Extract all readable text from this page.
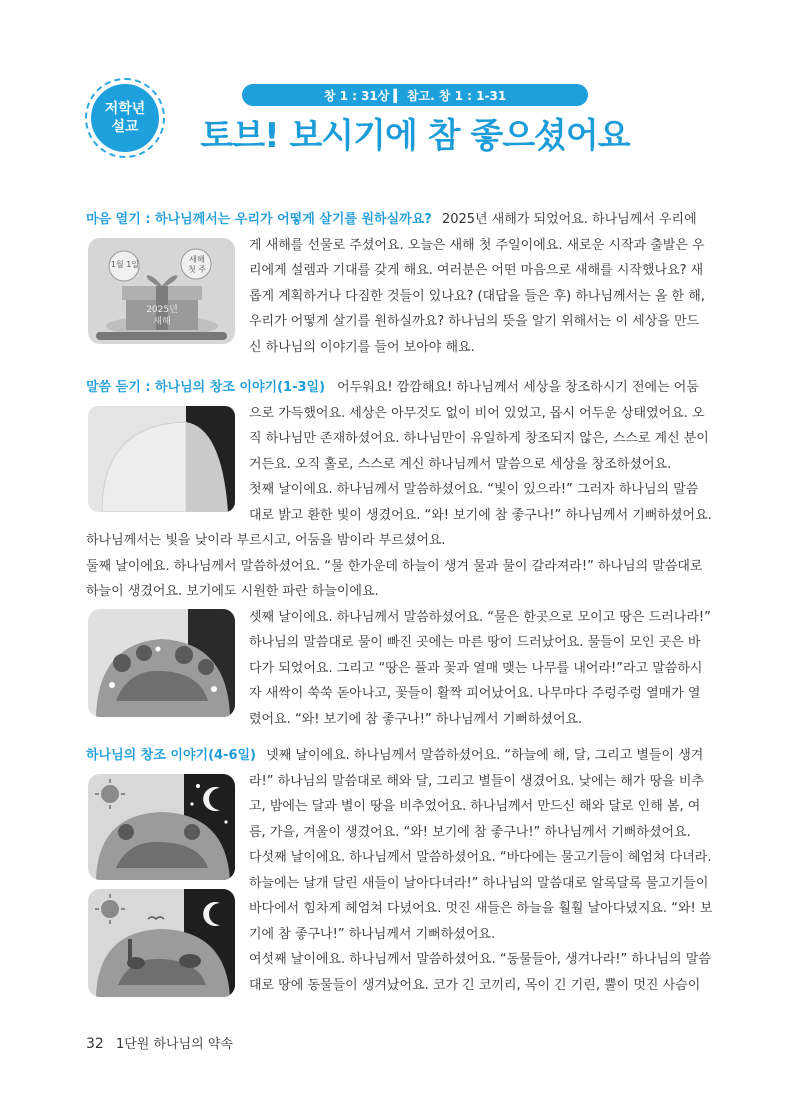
저학년
설교
창 1 : 31상 ▍ 참고. 창 1 : 1-31
토브! 보시기에 참 좋으셨어요
마음 열기 : 하나님께서는 우리가 어떻게 살기를 원하실까요? 2025년 새해가 되었어요. 하나님께서 우리에
게 새해를 선물로 주셨어요. 오늘은 새해 첫 주일이에요. 새로운 시작과 출발은 우
리에게 설렘과 기대를 갖게 해요. 여러분은 어떤 마음으로 새해를 시작했나요? 새
롭게 계획하거나 다짐한 것들이 있나요? (대답을 들은 후) 하나님께서는 올 한 해,
우리가 어떻게 살기를 원하실까요? 하나님의 뜻을 알기 위해서는 이 세상을 만드
신 하나님의 이야기를 들어 보아야 해요.
1월 1일
새해
첫 주
2025년
새해
말씀 듣기 : 하나님의 창조 이야기(1-3일) 어두워요! 깜깜해요! 하나님께서 세상을 창조하시기 전에는 어둠
으로 가득했어요. 세상은 아무것도 없이 비어 있었고, 몹시 어두운 상태였어요. 오
직 하나님만 존재하셨어요. 하나님만이 유일하게 창조되지 않은, 스스로 계신 분이
거든요. 오직 홀로, 스스로 계신 하나님께서 말씀으로 세상을 창조하셨어요.
첫째 날이에요. 하나님께서 말씀하셨어요. “빛이 있으라!” 그러자 하나님의 말씀
대로 밝고 환한 빛이 생겼어요. “와! 보기에 참 좋구나!” 하나님께서 기뻐하셨어요.
하나님께서는 빛을 낮이라 부르시고, 어둠을 밤이라 부르셨어요.
둘째 날이에요. 하나님께서 말씀하셨어요. “물 한가운데 하늘이 생겨 물과 물이 갈라져라!” 하나님의 말씀대로
하늘이 생겼어요. 보기에도 시원한 파란 하늘이에요.
셋째 날이에요. 하나님께서 말씀하셨어요. “물은 한곳으로 모이고 땅은 드러나라!”
하나님의 말씀대로 물이 빠진 곳에는 마른 땅이 드러났어요. 물들이 모인 곳은 바
다가 되었어요. 그리고 “땅은 풀과 꽃과 열매 맺는 나무를 내어라!”라고 말씀하시
자 새싹이 쑥쑥 돋아나고, 꽃들이 활짝 피어났어요. 나무마다 주렁주렁 열매가 열
렸어요. “와! 보기에 참 좋구나!” 하나님께서 기뻐하셨어요.
하나님의 창조 이야기(4-6일) 넷째 날이에요. 하나님께서 말씀하셨어요. “하늘에 해, 달, 그리고 별들이 생겨
라!” 하나님의 말씀대로 해와 달, 그리고 별들이 생겼어요. 낮에는 해가 땅을 비추
고, 밤에는 달과 별이 땅을 비추었어요. 하나님께서 만드신 해와 달로 인해 봄, 여
름, 가을, 겨울이 생겼어요. “와! 보기에 참 좋구나!” 하나님께서 기뻐하셨어요.
다섯째 날이에요. 하나님께서 말씀하셨어요. “바다에는 물고기들이 헤엄쳐 다녀라.
하늘에는 날개 달린 새들이 날아다녀라!” 하나님의 말씀대로 알록달록 물고기들이
바다에서 힘차게 헤엄쳐 다녔어요. 멋진 새들은 하늘을 훨훨 날아다녔지요. “와! 보
기에 참 좋구나!” 하나님께서 기뻐하셨어요.
여섯째 날이에요. 하나님께서 말씀하셨어요. “동물들아, 생겨나라!” 하나님의 말씀
대로 땅에 동물들이 생겨났어요. 코가 긴 코끼리, 목이 긴 기린, 뿔이 멋진 사슴이
32 1단원 하나님의 약속
